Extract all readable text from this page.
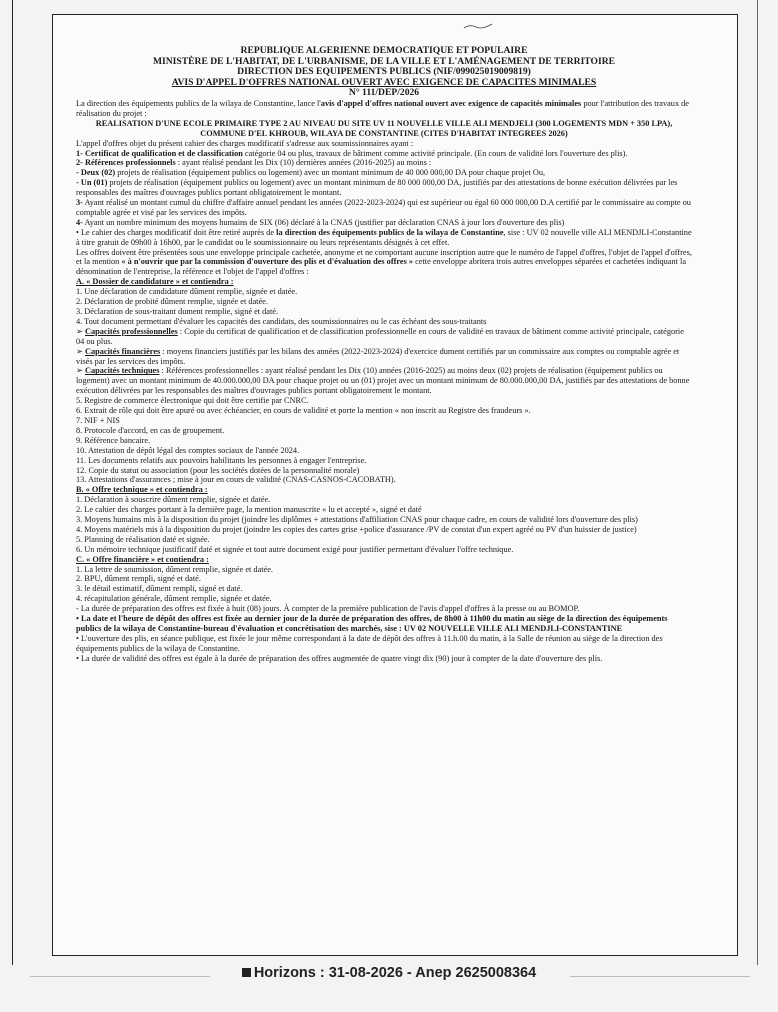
REPUBLIQUE ALGERIENNE DEMOCRATIQUE ET POPULAIRE
MINISTÈRE DE L'HABITAT, DE L'URBANISME, DE LA VILLE ET L'AMÉNAGEMENT DE TERRITOIRE
DIRECTION DES EQUIPEMENTS PUBLICS (NIF/099025019009819)
AVIS D'APPEL D'OFFRES NATIONAL OUVERT AVEC EXIGENCE DE CAPACITES MINIMALES
N° 111/DEP/2026

La direction des équipements publics de la wilaya de Constantine, lance l'avis d'appel d'offres national ouvert avec exigence de capacités minimales pour l'attribution des travaux de réalisation du projet :

REALISATION D'UNE ECOLE PRIMAIRE TYPE 2 AU NIVEAU DU SITE UV 11 NOUVELLE VILLE ALI MENDJELI (300 LOGEMENTS MDN + 350 LPA), COMMUNE D'EL KHROUB, WILAYA DE CONSTANTINE (CITES D'HABITAT INTEGREES 2026)

L'appel d'offres objet du présent cahier des charges modificatif s'adresse aux soumissionnaires ayant :

1- Certificat de qualification et de classification catégorie 04 ou plus, travaux de bâtiment comme activité principale. (En cours de validité lors l'ouverture des plis).

2- Références professionnels : ayant réalisé pendant les Dix (10) dernières années (2016-2025) au moins :

- Deux (02) projets de réalisation (équipement publics ou logement) avec un montant minimum de 40 000 000,00 DA pour chaque projet Ou,

- Un (01) projets de réalisation (équipement publics ou logement) avec un montant minimum de 80 000 000,00 DA, justifiés par des attestations de bonne exécution délivrées par les responsables des maîtres d'ouvrages publics portant obligatoirement le montant.

3- Ayant réalisé un montant cumul du chiffre d'affaire annuel pendant les années (2022-2023-2024) qui est supérieur ou égal 60 000 000,00 D.A certifié par le commissaire au compte ou comptable agrée et visé par les services des impôts.

4- Ayant un nombre minimum des moyens humains de SIX (06) déclaré à la CNAS (justifier par déclaration CNAS à jour lors d'ouverture des plis)

• Le cahier des charges modificatif doit être retiré auprès de la direction des équipements publics de la wilaya de Constantine, sise : UV 02 nouvelle ville ALI MENDJLI-Constantine à titre gratuit de 09h00 à 16h00, par le candidat ou le soumissionnaire ou leurs représentants désignés à cet effet.

Les offres doivent être présentées sous une enveloppe principale cachetée, anonyme et ne comportant aucune inscription autre que le numéro de l'appel d'offres, l'objet de l'appel d'offres, et la mention « à n'ouvrir que par la commission d'ouverture des plis et d'évaluation des offres » cette enveloppe abritera trois autres enveloppes séparées et cachetées indiquant la dénomination de l'entreprise, la référence et l'objet de l'appel d'offres :

A. « Dossier de candidature » et contiendra :

1. Une déclaration de candidature dûment remplie, signée et datée.

2. Déclaration de probité dûment remplie, signée et datée.

3. Déclaration de sous-traitant dument remplie, signé et daté.

4. Tout document permettant d'évaluer les capacités des candidats, des soumissionnaires ou le cas échéant des sous-traitants

➢ Capacités professionnelles : Copie du certificat de qualification et de classification professionnelle en cours de validité en travaux de bâtiment comme activité principale, catégorie 04 ou plus.

➢ Capacités financières : moyens financiers justifiés par les bilans des années (2022-2023-2024) d'exercice dument certifiés par un commissaire aux comptes ou comptable agrée et visés par les services des impôts.

➢ Capacités techniques : Références professionnelles : ayant réalisé pendant les Dix (10) années (2016-2025) au moins deux (02) projets de réalisation (équipement publics ou logement) avec un montant minimum de 40.000.000,00 DA pour chaque projet ou un (01) projet avec un montant minimum de 80.000.000,00 DA, justifiés par des attestations de bonne exécution délivrées par les responsables des maîtres d'ouvrages publics portant obligatoirement le montant.

5. Registre de commerce électronique qui doit être certifie par CNRC.

6. Extrait de rôle qui doit être apuré ou avec échéancier, en cours de validité et porte la mention « non inscrit au Registre des fraudeurs ».

7. NIF + NIS

8. Protocole d'accord, en cas de groupement.

9. Référence bancaire.

10. Attestation de dépôt légal des comptes sociaux de l'année 2024.

11. Les documents relatifs aux pouvoirs habilitants les personnes à engager l'entreprise.

12. Copie du statut ou association (pour les sociétés dotées de la personnalité morale)

13. Attestations d'assurances ; mise à jour en cours de validité (CNAS-CASNOS-CACOBATH).

B. « Offre technique » et contiendra :

1. Déclaration à souscrire dûment remplie, signée et datée.

2. Le cahier des charges portant à la dernière page, la mention manuscrite « lu et accepté », signé et daté

3. Moyens humains mis à la disposition du projet (joindre les diplômes + attestations d'affiliation CNAS pour chaque cadre, en cours de validité lors d'ouverture des plis)

4. Moyens matériels mis à la disposition du projet (joindre les copies des cartes grise +police d'assurance /PV de constat d'un expert agréé ou PV d'un huissier de justice)

5. Planning de réalisation daté et signée.

6. Un mémoire technique justificatif daté et signée et tout autre document exigé pour justifier permettant d'évaluer l'offre technique.

C. « Offre financière » et contiendra :

1. La lettre de soumission, dûment remplie, signée et datée.

2. BPU, dûment rempli, signé et daté.

3. le détail estimatif, dûment rempli, signé et daté.

4. récapitulation générale, dûment remplie, signée et datée.

- La durée de préparation des offres est fixée à huit (08) jours. À compter de la première publication de l'avis d'appel d'offres à la presse ou au BOMOP.

• La date et l'heure de dépôt des offres est fixée au dernier jour de la durée de préparation des offres, de 8h00 à 11h00 du matin au siège de la direction des équipements publics de la wilaya de Constantine-bureau d'évaluation et concrétisation des marchés, sise : UV 02 NOUVELLE VILLE ALI MENDJLI-CONSTANTINE

• L'ouverture des plis, en séance publique, est fixée le jour même correspondant à la date de dépôt des offres à 11.h.00 du matin, à la Salle de réunion au siège de la direction des équipements publics de la wilaya de Constantine.

• La durée de validité des offres est égale à la durée de préparation des offres augmentée de quatre vingt dix (90) jour à compter de la date d'ouverture des plis.

Horizons : 31-08-2026 - Anep 2625008364
